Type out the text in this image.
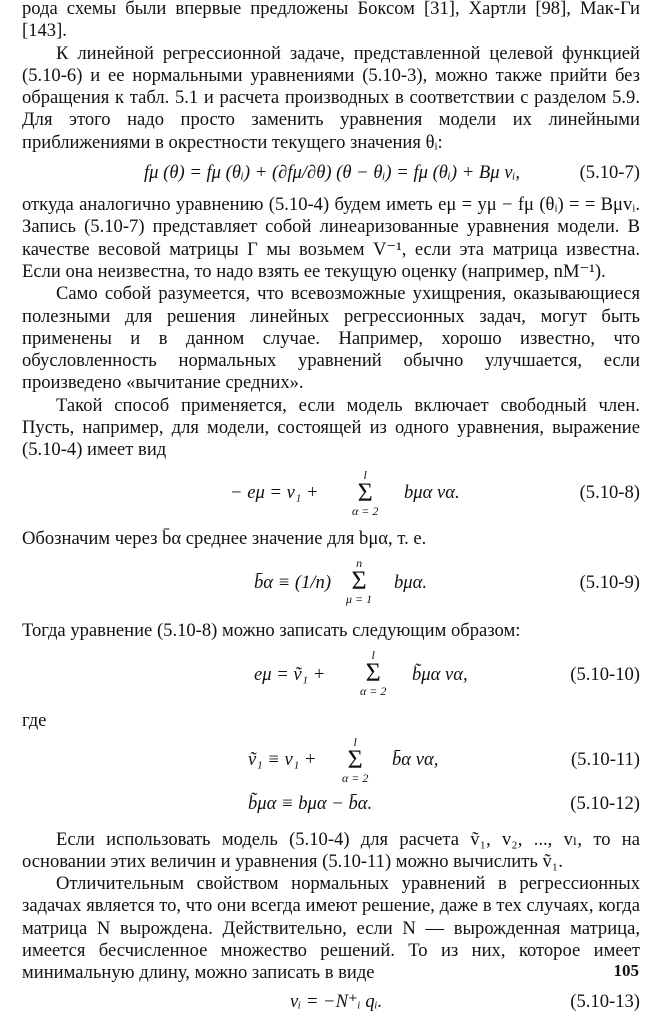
рода схемы были впервые предложены Боксом [31], Хартли [98], Мак-Ги [143].

К линейной регрессионной задаче, представленной целевой функцией (5.10-6) и ее нормальными уравнениями (5.10-3), можно также прийти без обращения к табл. 5.1 и расчета производных в соответствии с разделом 5.9. Для этого надо просто заменить уравнения модели их линейными приближениями в окрестности текущего значения θᵢ:

fμ (θ) = fμ (θᵢ) + (∂fμ/∂θ) (θ − θᵢ) = fμ (θᵢ) + Bμ vᵢ,	(5.10-7)

откуда аналогично уравнению (5.10-4) будем иметь eμ = yμ − fμ (θᵢ) = = Bμvᵢ. Запись (5.10-7) представляет собой линеаризованные уравнения модели. В качестве весовой матрицы Γ мы возьмем V⁻¹, если эта матрица известна. Если она неизвестна, то надо взять ее текущую оценку (например, nM⁻¹).

Само собой разумеется, что всевозможные ухищрения, оказывающиеся полезными для решения линейных регрессионных задач, могут быть применены и в данном случае. Например, хорошо известно, что обусловленность нормальных уравнений обычно улучшается, если произведено «вычитание средних».

Такой способ применяется, если модель включает свободный член. Пусть, например, для модели, состоящей из одного уравнения, выражение (5.10-4) имеет вид

− eμ = v₁ +
l
Σ
α = 2
bμα vα.	(5.10-8)

Обозначим через b̄α среднее значение для bμα, т. е.

b̄α ≡ (1/n)
n
Σ
μ = 1
bμα.	(5.10-9)

Тогда уравнение (5.10-8) можно записать следующим образом:

eμ = ṽ₁ +
l
Σ
α = 2
b̃μα vα,	(5.10-10)

где

ṽ₁ ≡ v₁ +
l
Σ
α = 2
b̄α vα,	(5.10-11)
b̃μα ≡ bμα − b̄α.	(5.10-12)

Если использовать модель (5.10-4) для расчета ṽ₁, v₂, ..., vₗ, то на основании этих величин и уравнения (5.10-11) можно вычислить ṽ₁.

Отличительным свойством нормальных уравнений в регрессионных задачах является то, что они всегда имеют решение, даже в тех случаях, когда матрица N вырождена. Действительно, если N — вырожденная матрица, имеется бесчисленное множество решений. То из них, которое имеет минимальную длину, можно записать в виде

vᵢ = −N⁺ᵢ qᵢ.	(5.10-13)
105
